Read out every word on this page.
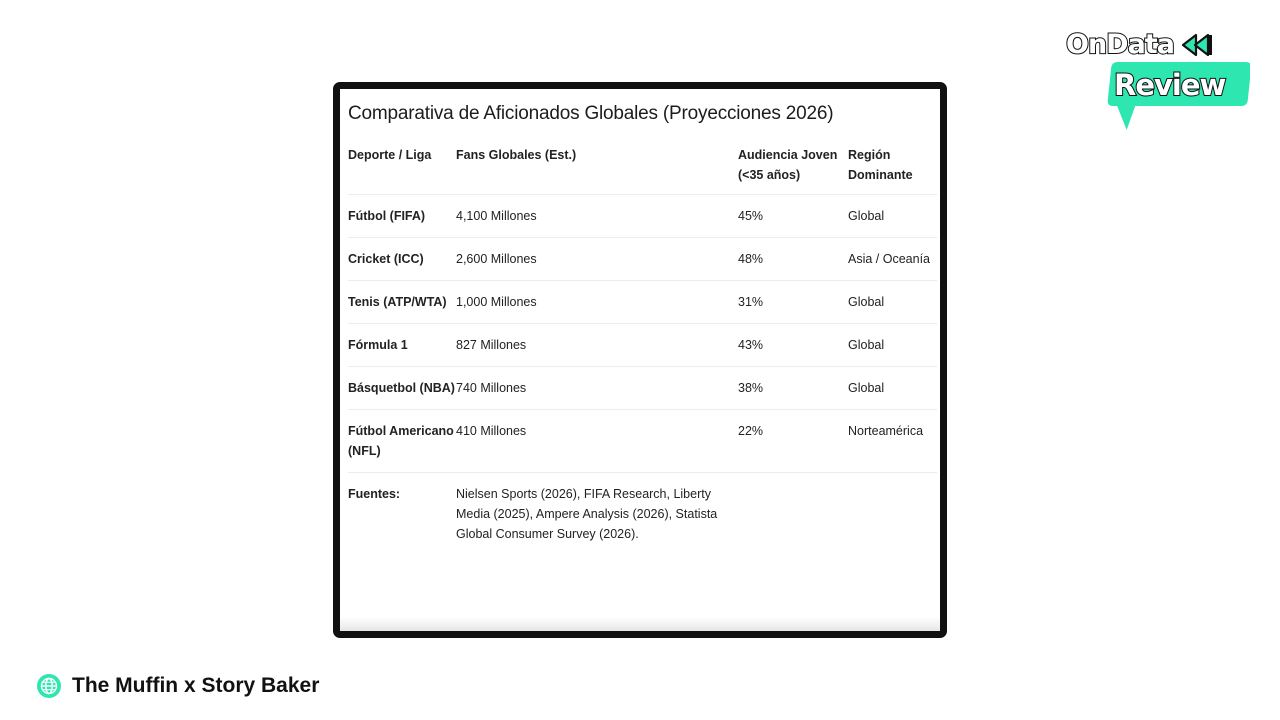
OnData
Review
Comparativa de Aficionados Globales (Proyecciones 2026)
Deporte / Liga	Fans Globales (Est.)	Audiencia Joven (<35 años)	Región Dominante
Fútbol (FIFA)	4,100 Millones	45%	Global
Cricket (ICC)	2,600 Millones	48%	Asia / Oceanía
Tenis (ATP/WTA)	1,000 Millones	31%	Global
Fórmula 1	827 Millones	43%	Global
Básquetbol (NBA)	740 Millones	38%	Global
Fútbol Americano (NFL)	410 Millones	22%	Norteamérica
Fuentes:	Nielsen Sports (2026), FIFA Research, Liberty Media (2025), Ampere Analysis (2026), Statista Global Consumer Survey (2026).		
The Muffin x Story Baker
